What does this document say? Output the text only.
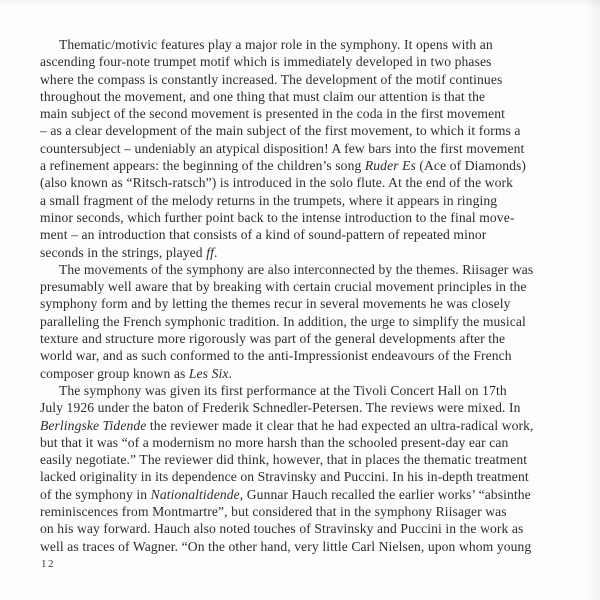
Thematic/motivic features play a major role in the symphony. It opens with an
ascending four-note trumpet motif which is immediately developed in two phases
where the compass is constantly increased. The development of the motif continues
throughout the movement, and one thing that must claim our attention is that the
main subject of the second movement is presented in the coda in the first movement
– as a clear development of the main subject of the first movement, to which it forms a
countersubject – undeniably an atypical disposition! A few bars into the first movement
a refinement appears: the beginning of the children’s song Ruder Es (Ace of Diamonds)
(also known as “Ritsch-ratsch”) is introduced in the solo flute. At the end of the work
a small fragment of the melody returns in the trumpets, where it appears in ringing
minor seconds, which further point back to the intense introduction to the final move-
ment – an introduction that consists of a kind of sound-pattern of repeated minor
seconds in the strings, played ff.
The movements of the symphony are also interconnected by the themes. Riisager was
presumably well aware that by breaking with certain crucial movement principles in the
symphony form and by letting the themes recur in several movements he was closely
paralleling the French symphonic tradition. In addition, the urge to simplify the musical
texture and structure more rigorously was part of the general developments after the
world war, and as such conformed to the anti-Impressionist endeavours of the French
composer group known as Les Six.
The symphony was given its first performance at the Tivoli Concert Hall on 17th
July 1926 under the baton of Frederik Schnedler-Petersen. The reviews were mixed. In
Berlingske Tidende the reviewer made it clear that he had expected an ultra-radical work,
but that it was “of a modernism no more harsh than the schooled present-day ear can
easily negotiate.” The reviewer did think, however, that in places the thematic treatment
lacked originality in its dependence on Stravinsky and Puccini. In his in-depth treatment
of the symphony in Nationaltidende, Gunnar Hauch recalled the earlier works’ “absinthe
reminiscences from Montmartre”, but considered that in the symphony Riisager was
on his way forward. Hauch also noted touches of Stravinsky and Puccini in the work as
well as traces of Wagner. “On the other hand, very little Carl Nielsen, upon whom young
12
